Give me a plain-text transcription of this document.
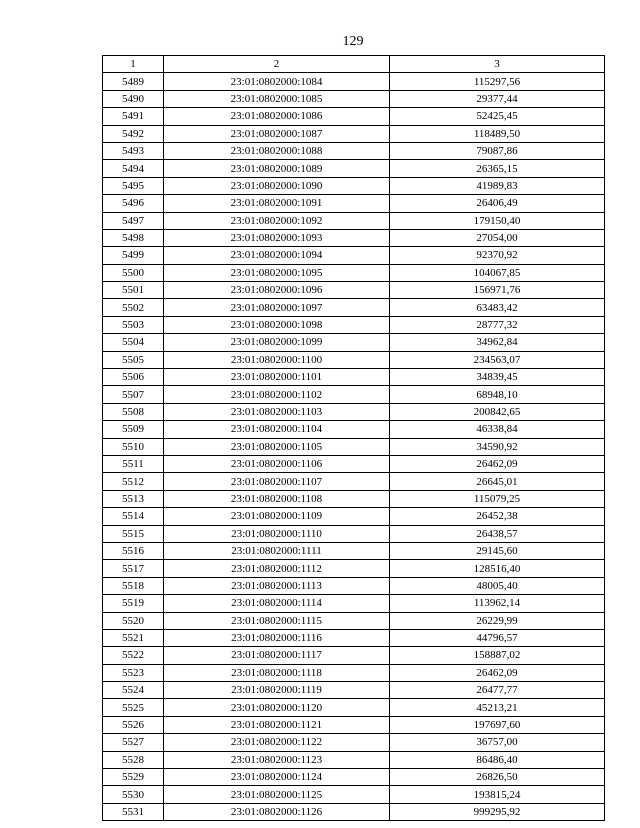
129
1	2	3
5489	23:01:0802000:1084	115297,56
5490	23:01:0802000:1085	29377,44
5491	23:01:0802000:1086	52425,45
5492	23:01:0802000:1087	118489,50
5493	23:01:0802000:1088	79087,86
5494	23:01:0802000:1089	26365,15
5495	23:01:0802000:1090	41989,83
5496	23:01:0802000:1091	26406,49
5497	23:01:0802000:1092	179150,40
5498	23:01:0802000:1093	27054,00
5499	23:01:0802000:1094	92370,92
5500	23:01:0802000:1095	104067,85
5501	23:01:0802000:1096	156971,76
5502	23:01:0802000:1097	63483,42
5503	23:01:0802000:1098	28777,32
5504	23:01:0802000:1099	34962,84
5505	23:01:0802000:1100	234563,07
5506	23:01:0802000:1101	34839,45
5507	23:01:0802000:1102	68948,10
5508	23:01:0802000:1103	200842,65
5509	23:01:0802000:1104	46338,84
5510	23:01:0802000:1105	34590,92
5511	23:01:0802000:1106	26462,09
5512	23:01:0802000:1107	26645,01
5513	23:01:0802000:1108	115079,25
5514	23:01:0802000:1109	26452,38
5515	23:01:0802000:1110	26438,57
5516	23:01:0802000:1111	29145,60
5517	23:01:0802000:1112	128516,40
5518	23:01:0802000:1113	48005,40
5519	23:01:0802000:1114	113962,14
5520	23:01:0802000:1115	26229,99
5521	23:01:0802000:1116	44796,57
5522	23:01:0802000:1117	158887,02
5523	23:01:0802000:1118	26462,09
5524	23:01:0802000:1119	26477,77
5525	23:01:0802000:1120	45213,21
5526	23:01:0802000:1121	197697,60
5527	23:01:0802000:1122	36757,00
5528	23:01:0802000:1123	86486,40
5529	23:01:0802000:1124	26826,50
5530	23:01:0802000:1125	193815,24
5531	23:01:0802000:1126	999295,92
